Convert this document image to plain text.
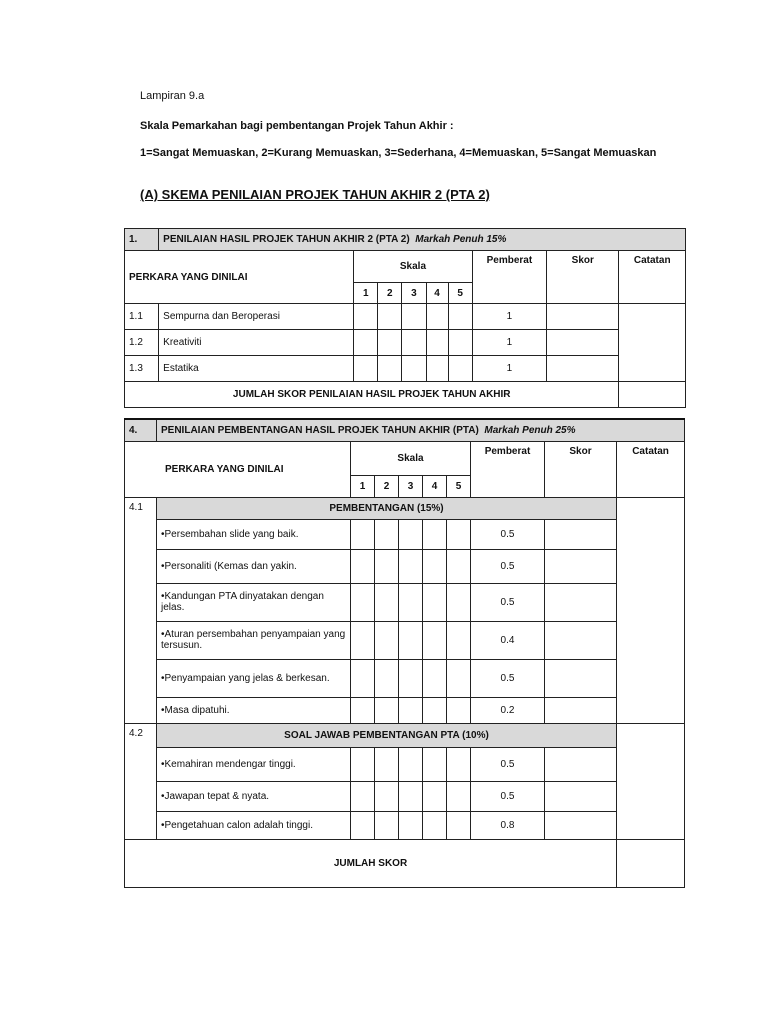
Lampiran 9.a
Skala Pemarkahan bagi pembentangan Projek Tahun Akhir :
1=Sangat Memuaskan, 2=Kurang Memuaskan, 3=Sederhana, 4=Memuaskan, 5=Sangat Memuaskan
(A) SKEMA PENILAIAN PROJEK TAHUN AKHIR 2 (PTA 2)
1.	PENILAIAN HASIL PROJEK TAHUN AKHIR 2 (PTA 2) Markah Penuh 15%								
PERKARA YANG DINILAI		Skala					Pemberat	Skor	Catatan
		1	2	3	4	5			
1.1	Sempurna dan Beroperasi						1		
1.2	Kreativiti						1		
1.3	Estatika						1		
JUMLAH SKOR PENILAIAN HASIL PROJEK TAHUN AKHIR									
4.	PENILAIAN PEMBENTANGAN HASIL PROJEK TAHUN AKHIR (PTA) Markah Penuh 25%								
PERKARA YANG DINILAI		Skala					Pemberat	Skor	Catatan
		1	2	3	4	5			
4.1	PEMBENTANGAN (15%)								
	• Persembahan slide yang baik.						0.5		
	• Personaliti (Kemas dan yakin.						0.5		
	• Kandungan PTA dinyatakan dengan jelas.						0.5		
	• Aturan persembahan penyampaian yang tersusun.						0.4		
	• Penyampaian yang jelas & berkesan.						0.5		
	• Masa dipatuhi.						0.2		
4.2	SOAL JAWAB PEMBENTANGAN PTA (10%)								
	• Kemahiran mendengar tinggi.						0.5		
	• Jawapan tepat & nyata.						0.5		
	• Pengetahuan calon adalah tinggi.						0.8		
JUMLAH SKOR									
